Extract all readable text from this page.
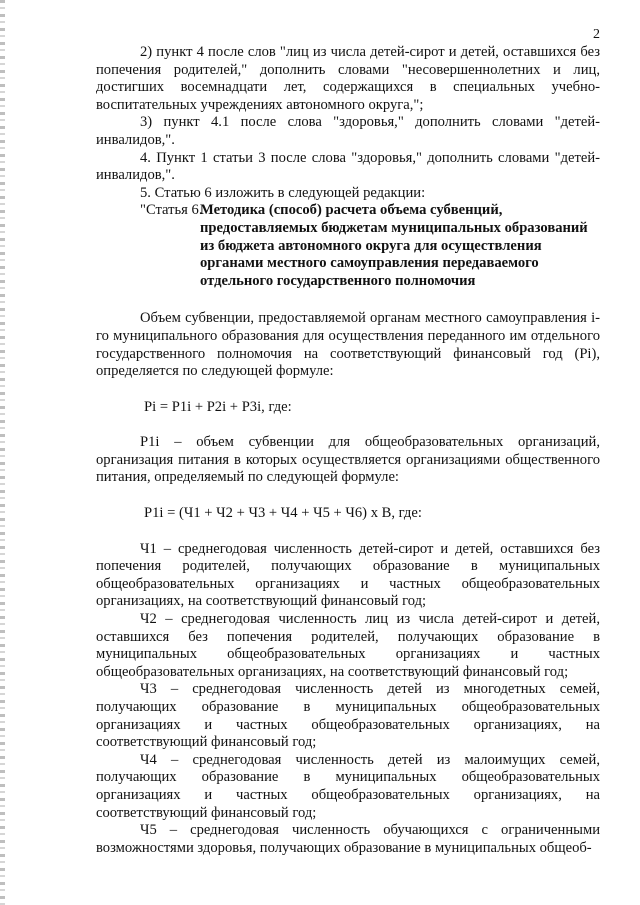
2

2) пункт 4 после слов "лиц из числа детей-сирот и детей, оставшихся без попечения родителей," дополнить словами "несовершеннолетних и лиц, достигших восемнадцати лет, содержащихся в специальных учебно-воспитательных учреждениях автономного округа,";

3) пункт 4.1 после слова "здоровья," дополнить словами "детей-инвалидов,".

4. Пункт 1 статьи 3 после слова "здоровья," дополнить словами "детей-инвалидов,".

5. Статью 6 изложить в следующей редакции:

"Статья 6.
Методика (способ) расчета объема субвенций, предоставляемых бюджетам муниципальных образований из бюджета автономного округа для осуществления органами местного самоуправления передаваемого отдельного государственного полномочия

Объем субвенции, предоставляемой органам местного самоуправления i-го муниципального образования для осуществления переданного им отдельного государственного полномочия на соответствующий финансовый год (Pi), определяется по следующей формуле:

Pi = P1i + P2i + P3i, где:

P1i – объем субвенции для общеобразовательных организаций, организация питания в которых осуществляется организациями общественного питания, определяемый по следующей формуле:

P1i = (Ч1 + Ч2 + Ч3 + Ч4 + Ч5 + Ч6) х В, где:

Ч1 – среднегодовая численность детей-сирот и детей, оставшихся без попечения родителей, получающих образование в муниципальных общеобразовательных организациях и частных общеобразовательных организациях, на соответствующий финансовый год;

Ч2 – среднегодовая численность лиц из числа детей-сирот и детей, оставшихся без попечения родителей, получающих образование в муниципальных общеобразовательных организациях и частных общеобразовательных организациях, на соответствующий финансовый год;

Ч3 – среднегодовая численность детей из многодетных семей, получающих образование в муниципальных общеобразовательных организациях и частных общеобразовательных организациях, на соответствующий финансовый год;

Ч4 – среднегодовая численность детей из малоимущих семей, получающих образование в муниципальных общеобразовательных организациях и частных общеобразовательных организациях, на соответствующий финансовый год;

Ч5 – среднегодовая численность обучающихся с ограниченными возможностями здоровья, получающих образование в муниципальных общеоб-
